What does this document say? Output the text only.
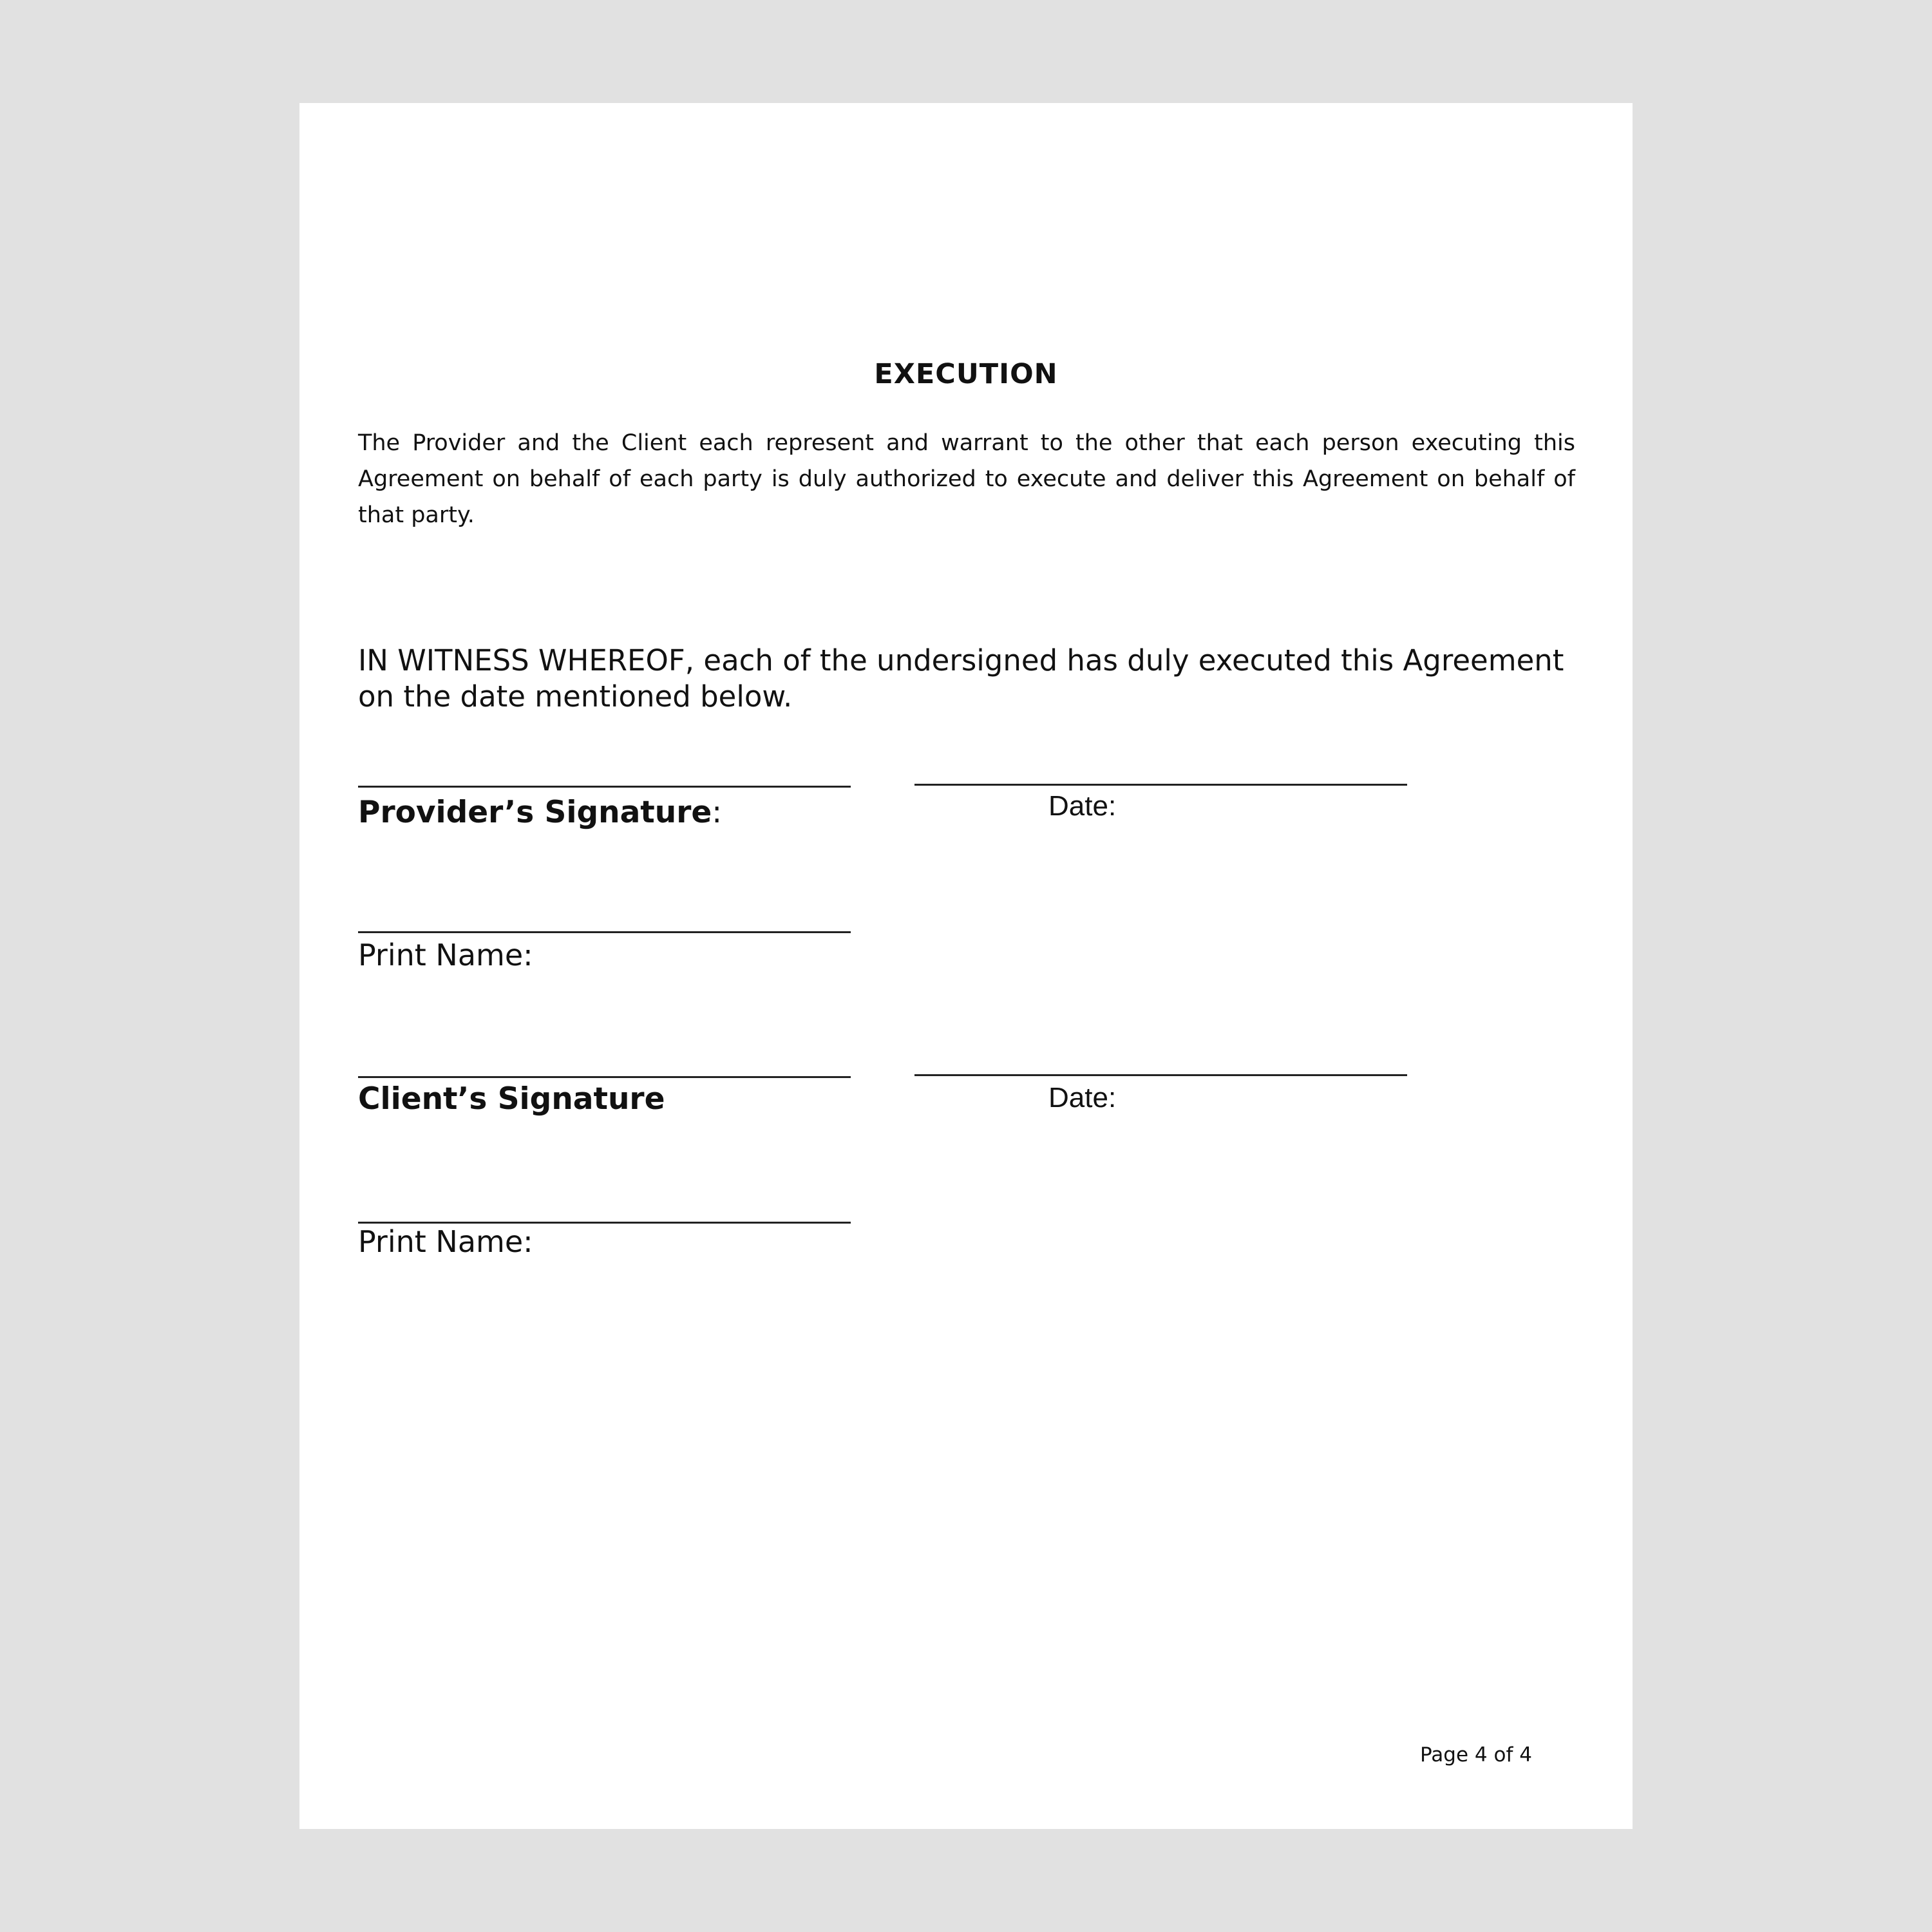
EXECUTION

The Provider and the Client each represent and warrant to the other that each person executing this Agreement on behalf of each party is duly authorized to execute and deliver this Agreement on behalf of that party.

IN WITNESS WHEREOF, each of the undersigned has duly executed this Agreement on the date mentioned below.

Provider’s Signature:	Date:
Print Name:
Client’s Signature	Date:
Print Name:
Page 4 of 4
